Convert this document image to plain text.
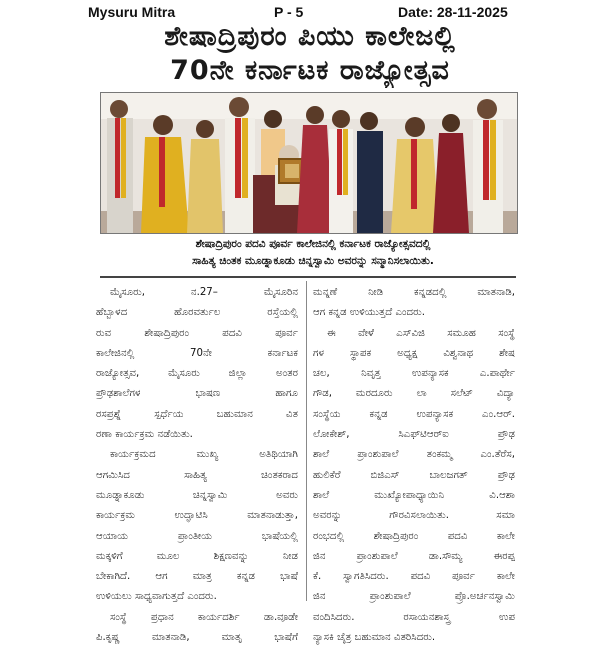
Mysuru Mitra	P - 5	Date: 28-11-2025
ಶೇಷಾದ್ರಿಪುರಂ ಪಿಯು ಕಾಲೇಜಲ್ಲಿ
70ನೇ ಕರ್ನಾಟಕ ರಾಜ್ಯೋತ್ಸವ
ಶೇಷಾದ್ರಿಪುರಂ ಪದವಿ ಪೂರ್ವ ಕಾಲೇಜಿನಲ್ಲಿ ಕರ್ನಾಟಕ ರಾಜ್ಯೋತ್ಸವದಲ್ಲಿ
ಸಾಹಿತ್ಯ ಚಿಂತಕ ಮೂಡ್ನಾಕೂಡು ಚಿನ್ನಸ್ವಾಮಿ ಅವರನ್ನು ಸನ್ಮಾನಿಸಲಾಯಿತು.
ಮೈಸೂರು, ನ.27– ಮೈಸೂರಿನ
ಹೆಬ್ಬಾಳದ ಹೊರವರ್ತುಲ ರಸ್ತೆಯಲ್ಲಿ
ರುವ ಶೇಷಾದ್ರಿಪುರಂ ಪದವಿ ಪೂರ್ವ
ಕಾಲೇಜಿನಲ್ಲಿ 70ನೇ ಕರ್ನಾಟಕ
ರಾಜ್ಯೋತ್ಸವ, ಮೈಸೂರು ಜಿಲ್ಲಾ ಅಂತರ
ಪ್ರೌಢಶಾಲೆಗಳ ಭಾಷಣ ಹಾಗೂ
ರಸಪ್ರಶ್ನೆ ಸ್ಪರ್ಧೆಯ ಬಹುಮಾನ ವಿತ
ರಣಾ ಕಾರ್ಯಕ್ರಮ ನಡೆಯಿತು.
ಕಾರ್ಯಕ್ರಮದ ಮುಖ್ಯ ಅತಿಥಿಯಾಗಿ
ಆಗಮಿಸಿದ ಸಾಹಿತ್ಯ ಚಿಂತಕರಾದ
ಮೂಡ್ನಾಕೂಡು ಚಿನ್ನಸ್ವಾಮಿ ಅವರು
ಕಾರ್ಯಕ್ರಮ ಉದ್ಘಾಟಿಸಿ ಮಾತನಾಡುತ್ತಾ,
ಆಯಾಯ ಪ್ರಾಂತೀಯ ಭಾಷೆಯಲ್ಲಿ
ಮಕ್ಕಳಿಗೆ ಮೂಲ ಶಿಕ್ಷಣವನ್ನು ನೀಡ
ಬೇಕಾಗಿದೆ. ಆಗ ಮಾತ್ರ ಕನ್ನಡ ಭಾಷೆ
ಉಳಿಯಲು ಸಾಧ್ಯವಾಗುತ್ತದೆ ಎಂದರು.
ಸಂಸ್ಥೆ ಪ್ರಧಾನ ಕಾರ್ಯದರ್ಶಿ ಡಾ.ವೂಡೇ
ಪಿ.ಕೃಷ್ಣ ಮಾತನಾಡಿ, ಮಾತೃ ಭಾಷೆಗೆ
ಮನ್ನಣೆ ನೀಡಿ ಕನ್ನಡದಲ್ಲಿ ಮಾತನಾಡಿ,
ಆಗ ಕನ್ನಡ ಉಳಿಯುತ್ತದೆ ಎಂದರು.
ಈ ವೇಳೆ ಎಸ್‌ವಿಜಿ ಸಮೂಹ ಸಂಸ್ಥೆ
ಗಳ ಸ್ಥಾಪಕ ಅಧ್ಯಕ್ಷ ವಿಶ್ವನಾಥ ಶೇಷ
ಚಲ, ನಿವೃತ್ತ ಉಪನ್ಯಾಸಕ ಎ.ಪಾರ್ಥೇ
ಗೌಡ, ಮರದೂರು ಲಾ ಸಲೆಟ್ ವಿದ್ಯಾ
ಸಂಸ್ಥೆಯ ಕನ್ನಡ ಉಪನ್ಯಾಸಕ ಎಂ.ಆರ್.
ಲೋಕೇಶ್, ಸಿಎಫ್‌ಟಿಆರ್‌ಐ ಪ್ರೌಢ
ಶಾಲೆ ಪ್ರಾಂಶುಪಾಲೆ ತಂಕಮ್ಮ ಎಂ.ತೆರೆಸ,
ಹುಲಿಕೆರೆ ಬಿಜಿಎಸ್ ಬಾಲಜಗತ್ ಪ್ರೌಢ
ಶಾಲೆ ಮುಖ್ಯೋಪಾಧ್ಯಾಯಿನಿ ವಿ.ಆಶಾ
ಅವರನ್ನು ಗೌರವಿಸಲಾಯಿತು. ಸಮಾ
ರಂಭದಲ್ಲಿ ಶೇಷಾದ್ರಿಪುರಂ ಪದವಿ ಕಾಲೇ
ಜಿನ ಪ್ರಾಂಶುಪಾಲೆ ಡಾ.ಸೌಮ್ಯ ಈರಪ್ಪ
ಕೆ. ಸ್ವಾಗತಿಸಿದರು. ಪದವಿ ಪೂರ್ವ ಕಾಲೇ
ಜಿನ ಪ್ರಾಂಶುಪಾಲೆ ಪ್ರೊ.ಅರ್ಚನಸ್ವಾಮಿ
ವಂದಿಸಿದರು. ರಸಾಯನಶಾಸ್ತ್ರ ಉಪ
ನ್ಯಾಸಕಿ ಚೈತ್ರ ಬಹುಮಾನ ವಿತರಿಸಿದರು.
